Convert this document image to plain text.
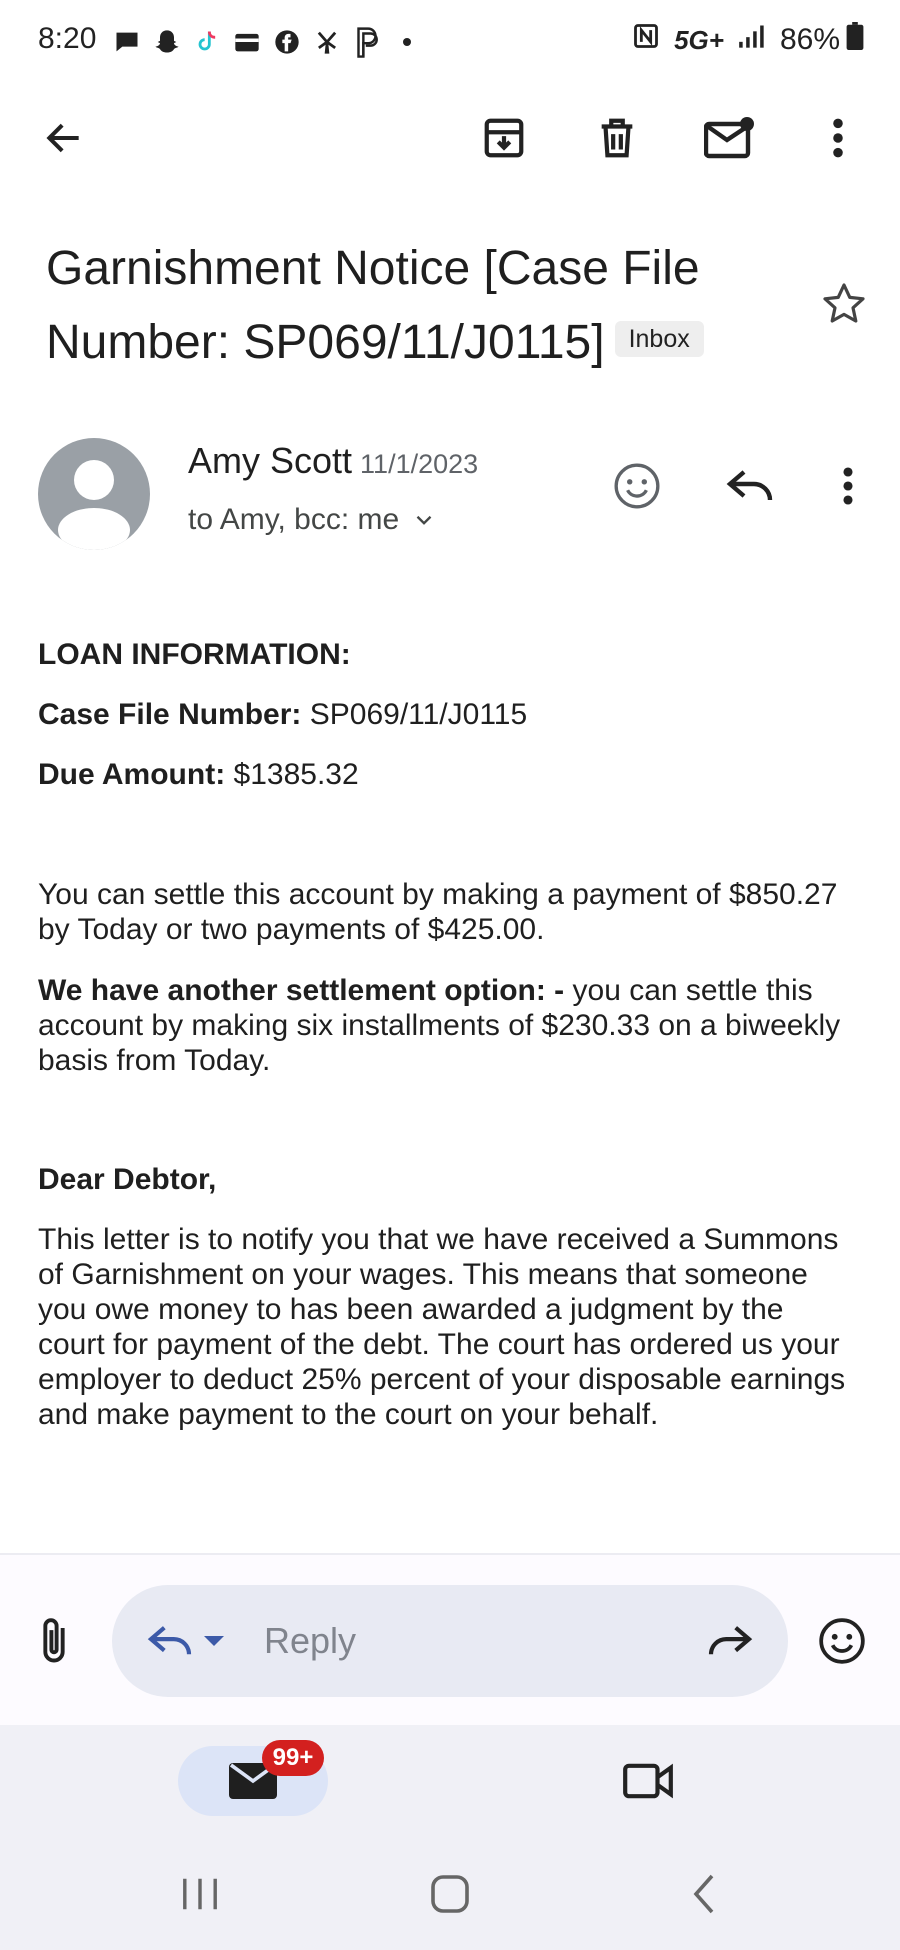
8:20	5G+ 86%
Garnishment Notice [Case File Number: SP069/11/J0115] Inbox
Amy Scott 11/1/2023
to Amy, bcc: me
LOAN INFORMATION:
Case File Number: SP069/11/J0115
Due Amount: $1385.32
You can settle this account by making a payment of $850.27 by Today or two payments of $425.00.
We have another settlement option: - you can settle this account by making six installments of $230.33 on a biweekly basis from Today.
Dear Debtor,
This letter is to notify you that we have received a Summons of Garnishment on your wages. This means that someone you owe money to has been awarded a judgment by the court for payment of the debt. The court has ordered us your employer to deduct 25% percent of your disposable earnings and make payment to the court on your behalf.
Reply
99+
